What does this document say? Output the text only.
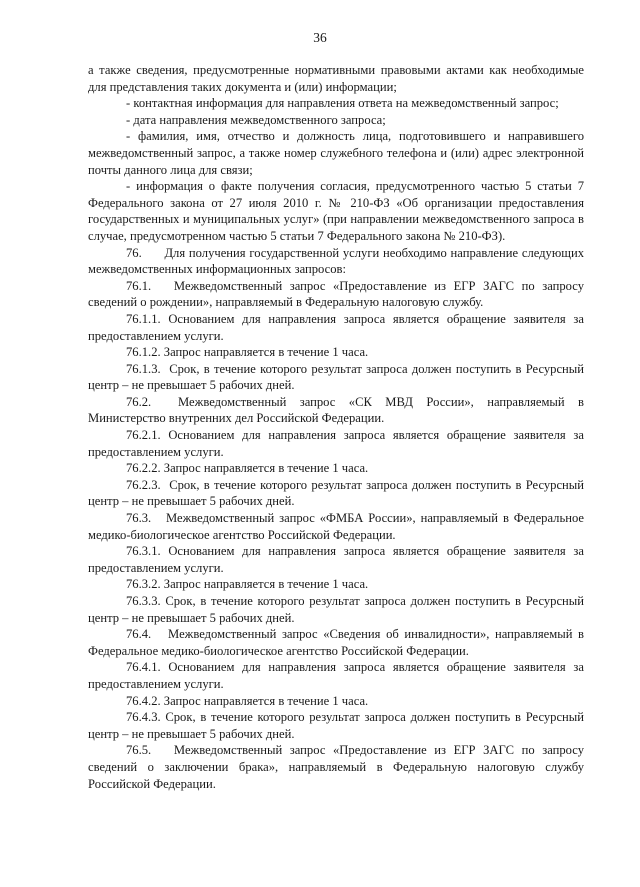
36

а также сведения, предусмотренные нормативными правовыми актами как необходимые для представления таких документа и (или) информации;

- контактная информация для направления ответа на межведомственный запрос;

- дата направления межведомственного запроса;

- фамилия, имя, отчество и должность лица, подготовившего и направившего межведомственный запрос, а также номер служебного телефона и (или) адрес электронной почты данного лица для связи;

- информация о факте получения согласия, предусмотренного частью 5 статьи 7 Федерального закона от 27 июля 2010 г. № 210-ФЗ «Об организации предоставления государственных и муниципальных услуг» (при направлении межведомственного запроса в случае, предусмотренном частью 5 статьи 7 Федерального закона № 210-ФЗ).

76.      Для получения государственной услуги необходимо направление следующих межведомственных информационных запросов:

76.1.   Межведомственный запрос «Предоставление из ЕГР ЗАГС по запросу сведений о рождении», направляемый в Федеральную налоговую службу.

76.1.1. Основанием для направления запроса является обращение заявителя за предоставлением услуги.

76.1.2. Запрос направляется в течение 1 часа.

76.1.3.  Срок, в течение которого результат запроса должен поступить в Ресурсный центр – не превышает 5 рабочих дней.

76.2.    Межведомственный  запрос  «СК  МВД  России»,  направляемый  в Министерство внутренних дел Российской Федерации.

76.2.1. Основанием для направления запроса является обращение заявителя за предоставлением услуги.

76.2.2. Запрос направляется в течение 1 часа.

76.2.3.  Срок, в течение которого результат запроса должен поступить в Ресурсный центр – не превышает 5 рабочих дней.

76.3.   Межведомственный запрос «ФМБА России», направляемый в Федеральное медико-биологическое агентство Российской Федерации.

76.3.1. Основанием для направления запроса является обращение заявителя за предоставлением услуги.

76.3.2. Запрос направляется в течение 1 часа.

76.3.3. Срок, в течение которого результат запроса должен поступить в Ресурсный центр – не превышает 5 рабочих дней.

76.4.   Межведомственный запрос «Сведения об инвалидности», направляемый в Федеральное медико-биологическое агентство Российской Федерации.

76.4.1. Основанием для направления запроса является обращение заявителя за предоставлением услуги.

76.4.2. Запрос направляется в течение 1 часа.

76.4.3. Срок, в течение которого результат запроса должен поступить в Ресурсный центр – не превышает 5 рабочих дней.

76.5.   Межведомственный запрос «Предоставление из ЕГР ЗАГС по запросу сведений о заключении брака», направляемый в Федеральную налоговую службу Российской Федерации.
